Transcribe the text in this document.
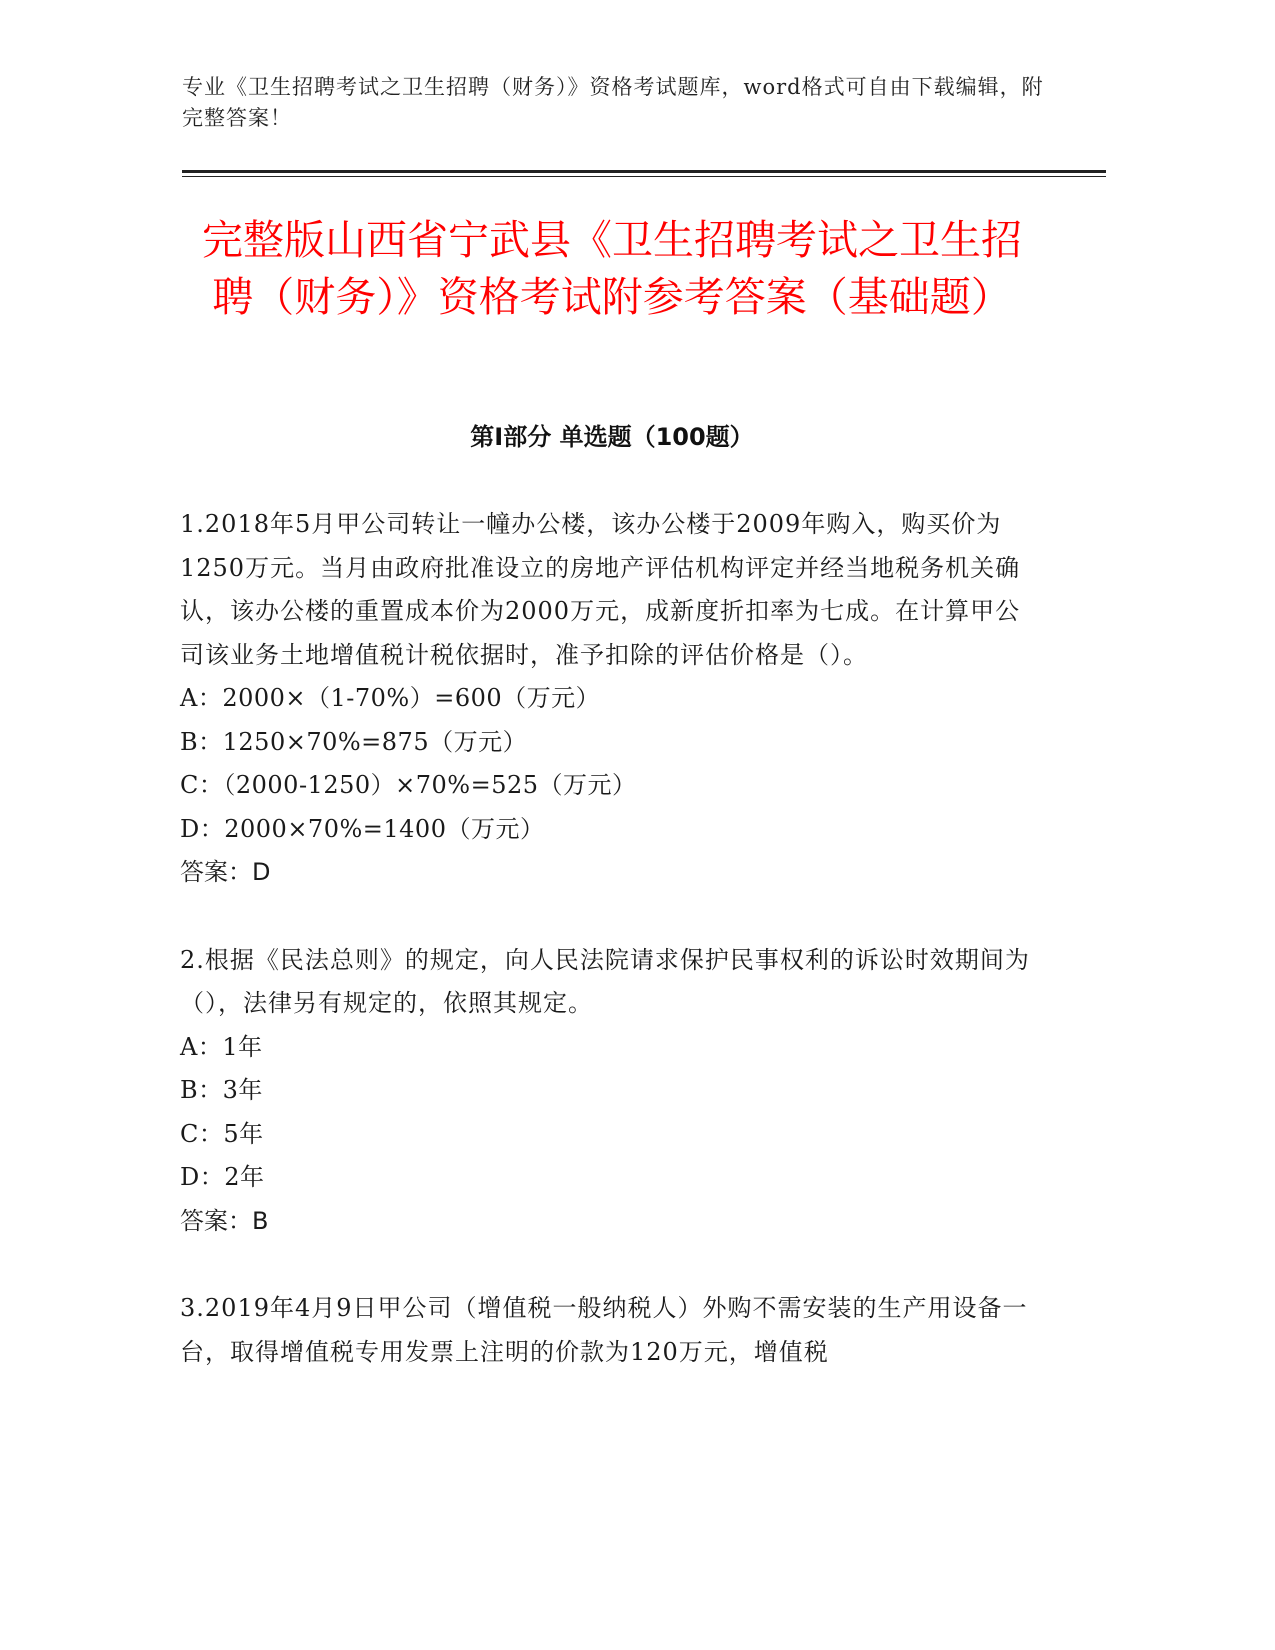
专业《卫生招聘考试之卫生招聘（财务）》资格考试题库，word格式可自由下载编辑，附完整答案！
完整版山西省宁武县《卫生招聘考试之卫生招聘（财务）》资格考试附参考答案（基础题）
第Ⅰ部分 单选题（100题）

1.2018年5月甲公司转让一幢办公楼，该办公楼于2009年购入，购买价为1250万元。当月由政府批准设立的房地产评估机构评定并经当地税务机关确认，该办公楼的重置成本价为2000万元，成新度折扣率为七成。在计算甲公司该业务土地增值税计税依据时，准予扣除的评估价格是（）。

A：2000×（1-70%）=600（万元）

B：1250×70%=875（万元）

C：（2000-1250）×70%=525（万元）

D：2000×70%=1400（万元）

答案：D

2.根据《民法总则》的规定，向人民法院请求保护民事权利的诉讼时效期间为（），法律另有规定的，依照其规定。

A：1年

B：3年

C：5年

D：2年

答案：B

3.2019年4月9日甲公司（增值税一般纳税人）外购不需安装的生产用设备一台，取得增值税专用发票上注明的价款为120万元，增值税
